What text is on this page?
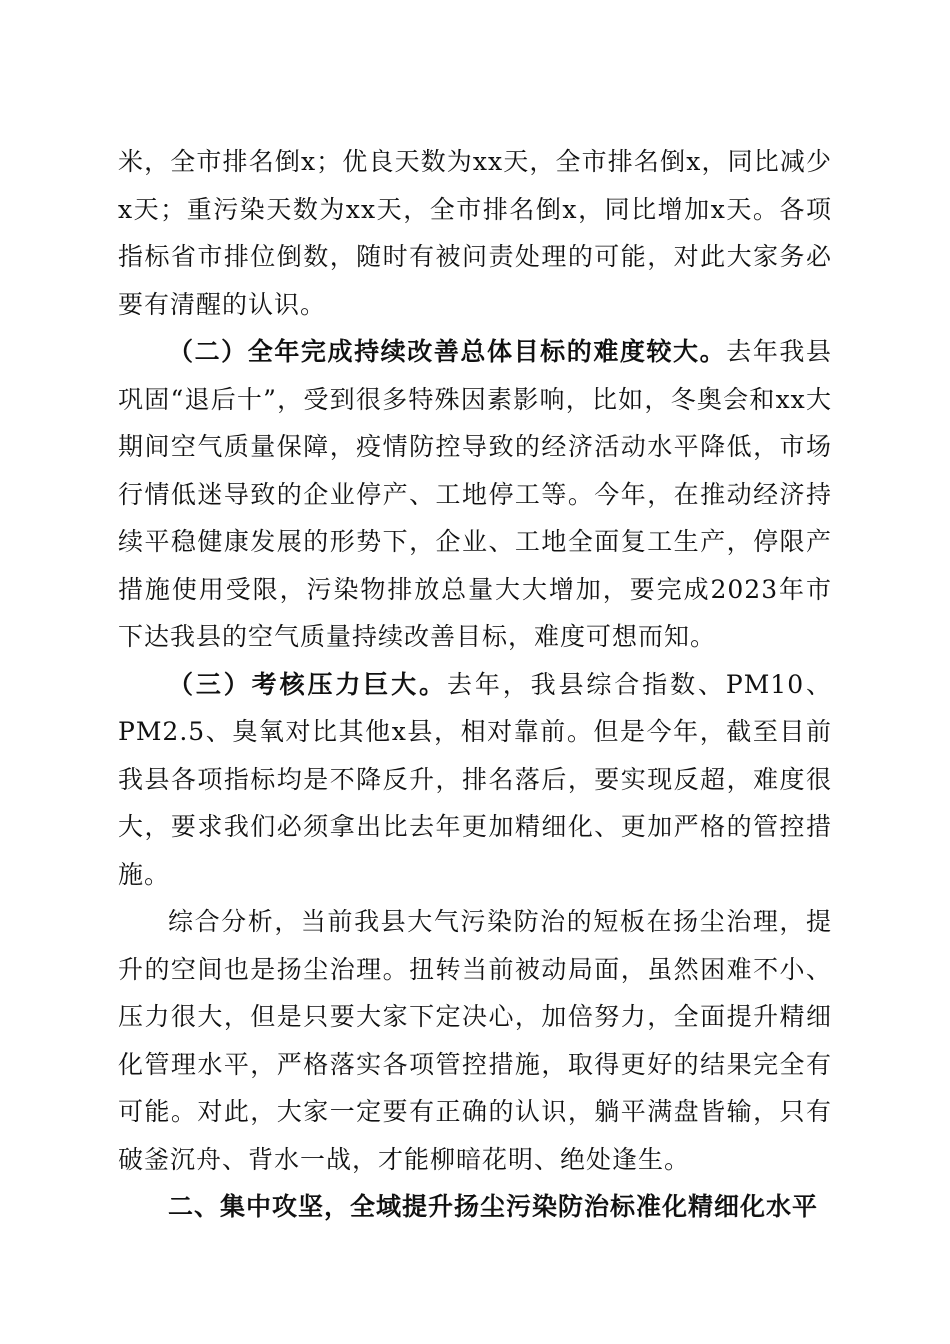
米，全市排名倒x；优良天数为xx天，全市排名倒x，同比减少x天；重污染天数为xx天，全市排名倒x，同比增加x天。各项指标省市排位倒数，随时有被问责处理的可能，对此大家务必要有清醒的认识。

（二）全年完成持续改善总体目标的难度较大。去年我县巩固“退后十”，受到很多特殊因素影响，比如，冬奥会和xx大期间空气质量保障，疫情防控导致的经济活动水平降低，市场行情低迷导致的企业停产、工地停工等。今年，在推动经济持续平稳健康发展的形势下，企业、工地全面复工生产，停限产措施使用受限，污染物排放总量大大增加，要完成2023年市下达我县的空气质量持续改善目标，难度可想而知。

（三）考核压力巨大。去年，我县综合指数、PM10、PM2.5、臭氧对比其他x县，相对靠前。但是今年，截至目前我县各项指标均是不降反升，排名落后，要实现反超，难度很大，要求我们必须拿出比去年更加精细化、更加严格的管控措施。

综合分析，当前我县大气污染防治的短板在扬尘治理，提升的空间也是扬尘治理。扭转当前被动局面，虽然困难不小、压力很大，但是只要大家下定决心，加倍努力，全面提升精细化管理水平，严格落实各项管控措施，取得更好的结果完全有可能。对此，大家一定要有正确的认识，躺平满盘皆输，只有破釜沉舟、背水一战，才能柳暗花明、绝处逢生。

二、集中攻坚，全域提升扬尘污染防治标准化精细化水平
